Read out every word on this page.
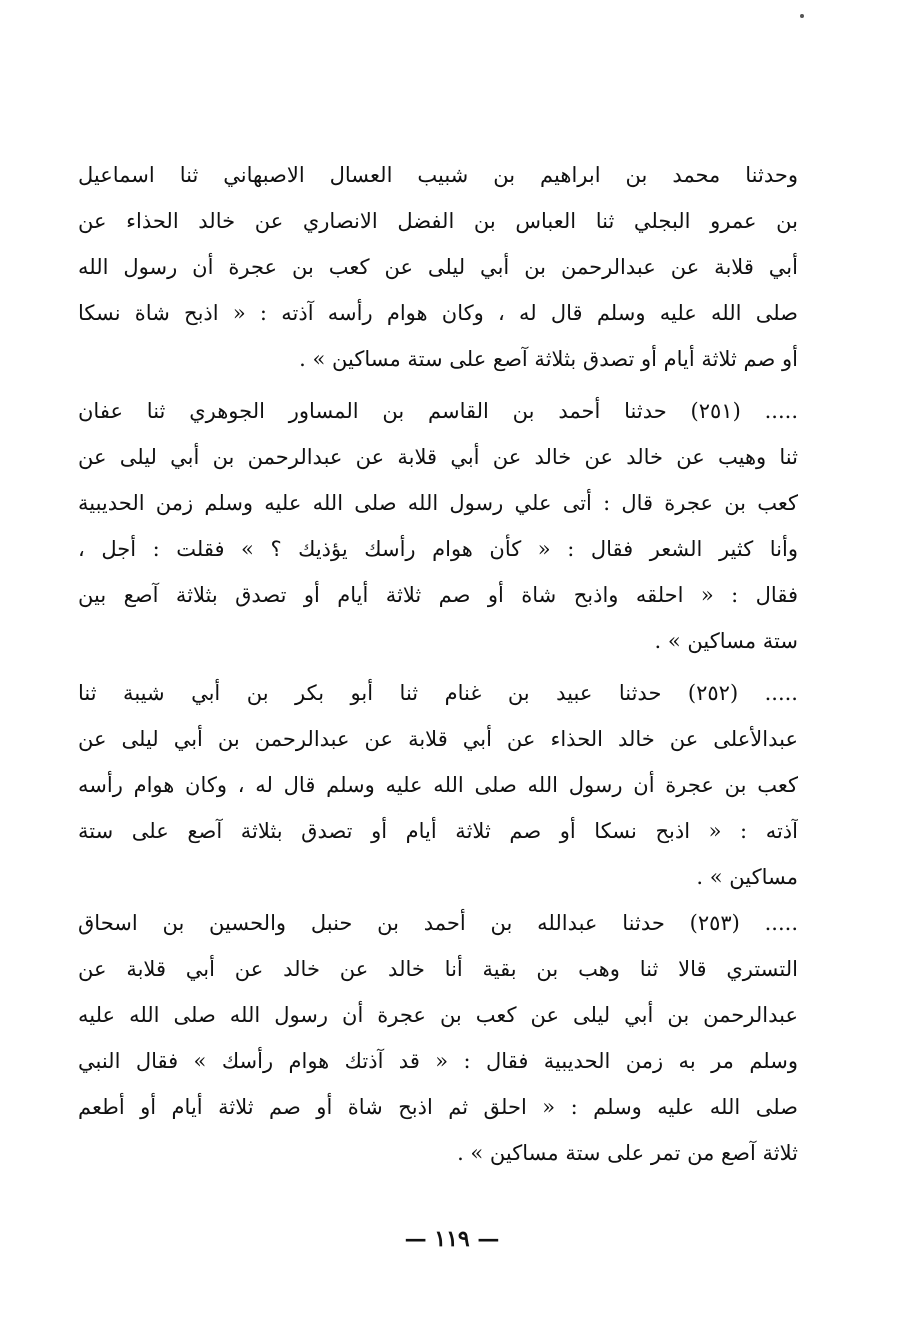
وحدثنا محمد بن ابراهيم بن شبيب العسال الاصبهاني ثنا اسماعيل
بن عمرو البجلي ثنا العباس بن الفضل الانصاري عن خالد الحذاء عن
أبي قلابة عن عبدالرحمن بن أبي ليلى عن كعب بن عجرة أن رسول الله
صلى الله عليه وسلم قال له ، وكان هوام رأسه آذته : « اذبح شاة نسكا
أو صم ثلاثة أيام أو تصدق بثلاثة آصع على ستة مساكين » .
..... (٢٥١) حدثنا أحمد بن القاسم بن المساور الجوهري ثنا عفان
ثنا وهيب عن خالد عن خالد عن أبي قلابة عن عبدالرحمن بن أبي ليلى عن
كعب بن عجرة قال : أتى علي رسول الله صلى الله عليه وسلم زمن الحديبية
وأنا كثير الشعر فقال : « كأن هوام رأسك يؤذيك ؟ » فقلت : أجل ،
فقال : « احلقه واذبح شاة أو صم ثلاثة أيام أو تصدق بثلاثة آصع بين
ستة مساكين » .
..... (٢٥٢) حدثنا عبيد بن غنام ثنا أبو بكر بن أبي شيبة ثنا
عبدالأعلى عن خالد الحذاء عن أبي قلابة عن عبدالرحمن بن أبي ليلى عن
كعب بن عجرة أن رسول الله صلى الله عليه وسلم قال له ، وكان هوام رأسه
آذته : « اذبح نسكا أو صم ثلاثة أيام أو تصدق بثلاثة آصع على ستة
مساكين » .
..... (٢٥٣) حدثنا عبدالله بن أحمد بن حنبل والحسين بن اسحاق
التستري قالا ثنا وهب بن بقية أنا خالد عن خالد عن أبي قلابة عن
عبدالرحمن بن أبي ليلى عن كعب بن عجرة أن رسول الله صلى الله عليه
وسلم مر به زمن الحديبية فقال : « قد آذتك هوام رأسك » فقال النبي
صلى الله عليه وسلم : « احلق ثم اذبح شاة أو صم ثلاثة أيام أو أطعم
ثلاثة آصع من تمر على ستة مساكين » .
— ١١٩ —
